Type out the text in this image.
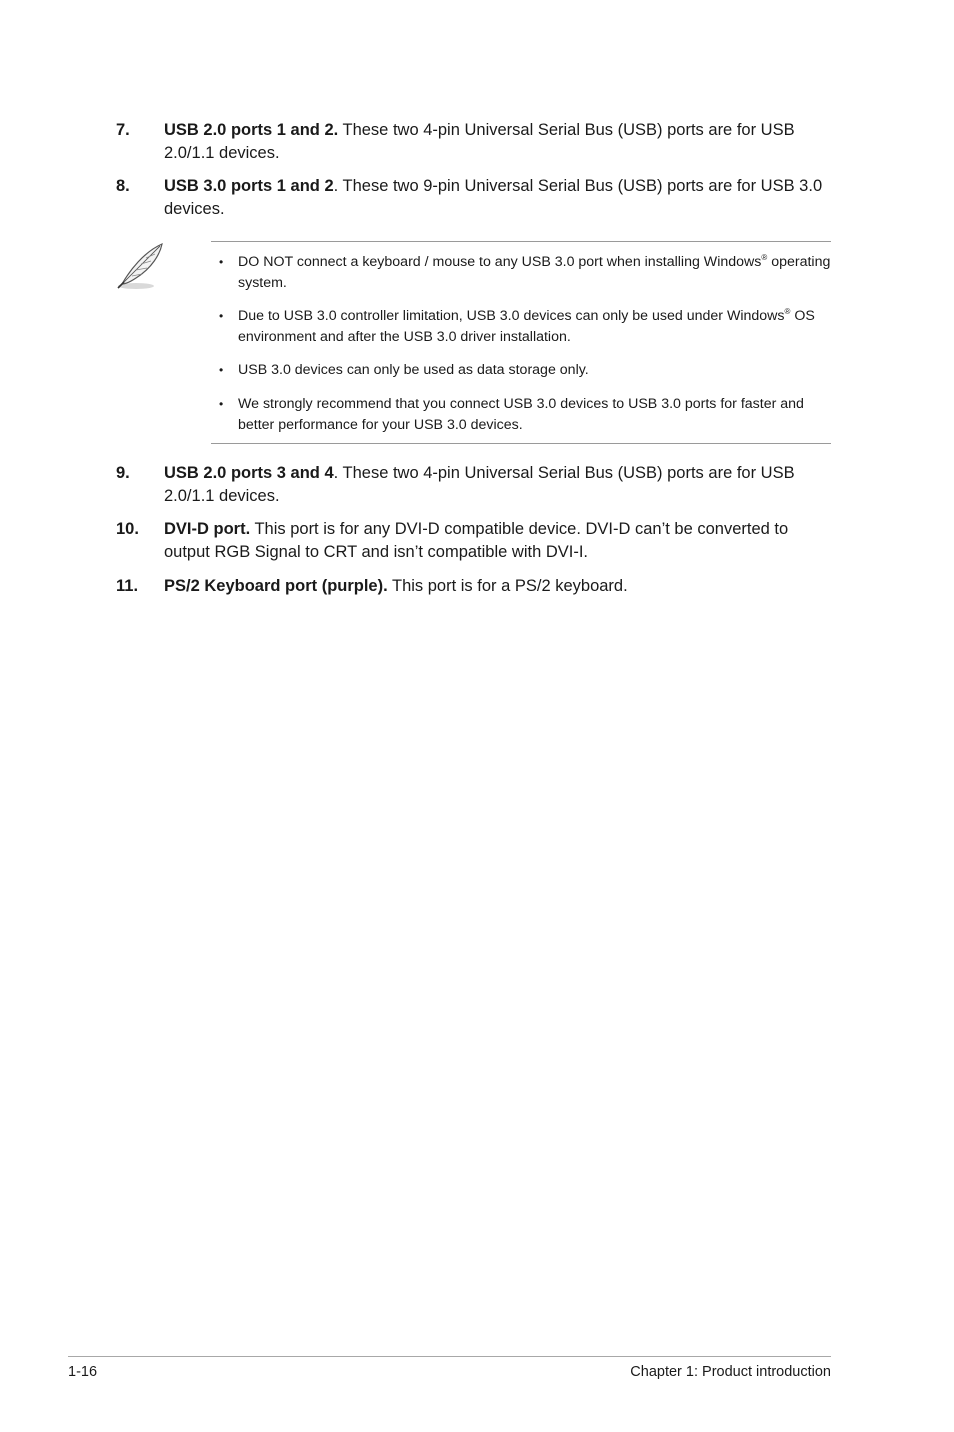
7. USB 2.0 ports 1 and 2. These two 4-pin Universal Serial Bus (USB) ports are for USB 2.0/1.1 devices.
8. USB 3.0 ports 1 and 2. These two 9-pin Universal Serial Bus (USB) ports are for USB 3.0 devices.
• DO NOT connect a keyboard / mouse to any USB 3.0 port when installing Windows® operating system.
• Due to USB 3.0 controller limitation, USB 3.0 devices can only be used under Windows® OS environment and after the USB 3.0 driver installation.
• USB 3.0 devices can only be used as data storage only.
• We strongly recommend that you connect USB 3.0 devices to USB 3.0 ports for faster and better performance for your USB 3.0 devices.
9. USB 2.0 ports 3 and 4. These two 4-pin Universal Serial Bus (USB) ports are for USB 2.0/1.1 devices.
10. DVI-D port. This port is for any DVI-D compatible device. DVI-D can’t be converted to output RGB Signal to CRT and isn’t compatible with DVI-I.
11. PS/2 Keyboard port (purple). This port is for a PS/2 keyboard.
1-16	Chapter 1: Product introduction
